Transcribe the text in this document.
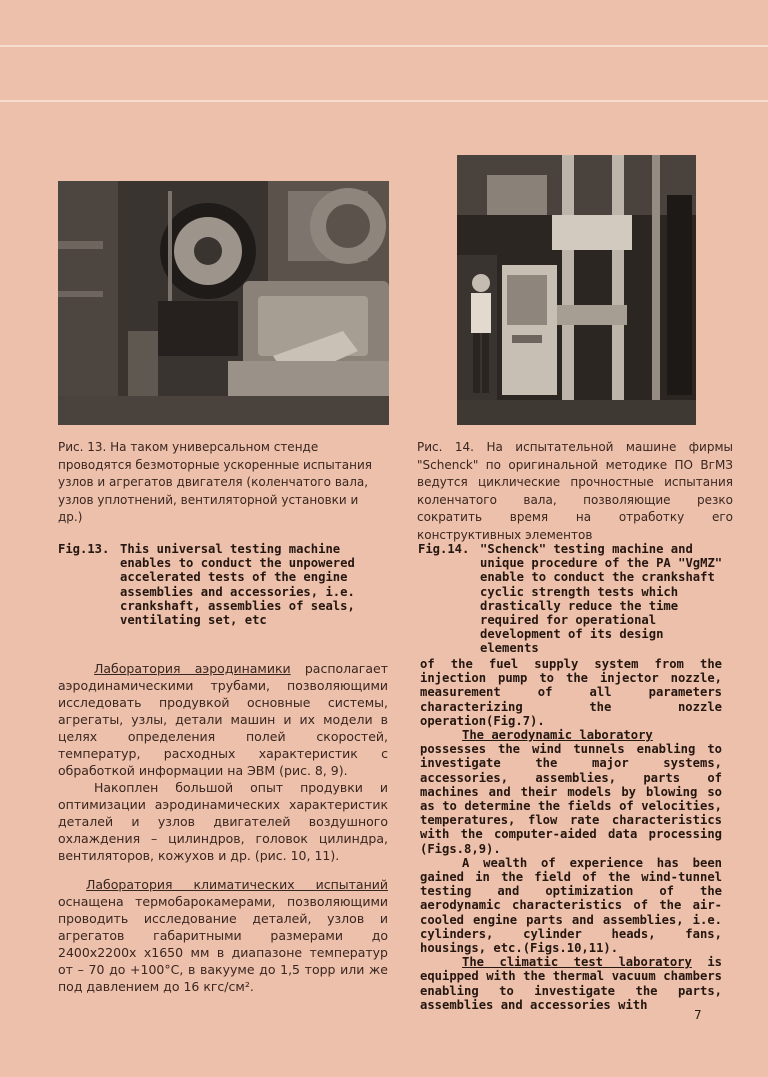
Рис. 13. На таком универсальном стенде проводятся безмоторные ускоренные испытания узлов и агрегатов двигателя (коленчатого вала, узлов уплотнений, вентиляторной установки и др.)
Рис. 14. На испытательной машине фирмы "Schenck" по оригинальной методике ПО ВгМЗ ведутся циклические прочностные испытания коленчатого вала, позволяющие резко сократить время на отработку его конструктивных элементов
Fig.13. This universal testing machine enables to conduct the unpowered accelerated tests of the engine assemblies and accessories, i.e. crankshaft, assemblies of seals, ventilating set, etc
Fig.14. "Schenck" testing machine and unique procedure of the PA "VgMZ" enable to conduct the crankshaft cyclic strength tests which drastically reduce the time required for operational development of its design elements

Лаборатория аэродинамики располагает аэродинамическими трубами, позволяющими исследовать продувкой основные системы, агрегаты, узлы, детали машин и их модели в целях определения полей скоростей, температур, расходных характеристик с обработкой информации на ЭВМ (рис. 8, 9).

Накоплен большой опыт продувки и оптимизации аэродинамических характеристик деталей и узлов двигателей воздушного охлаждения – цилиндров, головок цилиндра, вентиляторов, кожухов и др. (рис. 10, 11).

Лаборатория климатических испытаний оснащена термобарокамерами, позволяющими проводить исследование деталей, узлов и агрегатов габаритными размерами до 2400х2200х х1650 мм в диапазоне температур от – 70 до +100°С, в вакууме до 1,5 торр или же под давлением до 16 кгс/см².

of the fuel supply system from the injection pump to the injector nozzle, measurement of all parameters characterizing the nozzle operation(Fig.7).

The aerodynamic laboratory

possesses the wind tunnels enabling to investigate the major systems, accessories, assemblies, parts of machines and their models by blowing so as to determine the fields of velocities, temperatures, flow rate characteristics with the computer-aided data processing (Figs.8,9).

A wealth of experience has been gained in the field of the wind-tunnel testing and optimization of the aerodynamic characteristics of the air-cooled engine parts and assemblies, i.e. cylinders, cylinder heads, fans, housings, etc.(Figs.10,11).

The climatic test laboratory is equipped with the thermal vacuum chambers enabling to investigate the parts, assemblies and accessories with

7
